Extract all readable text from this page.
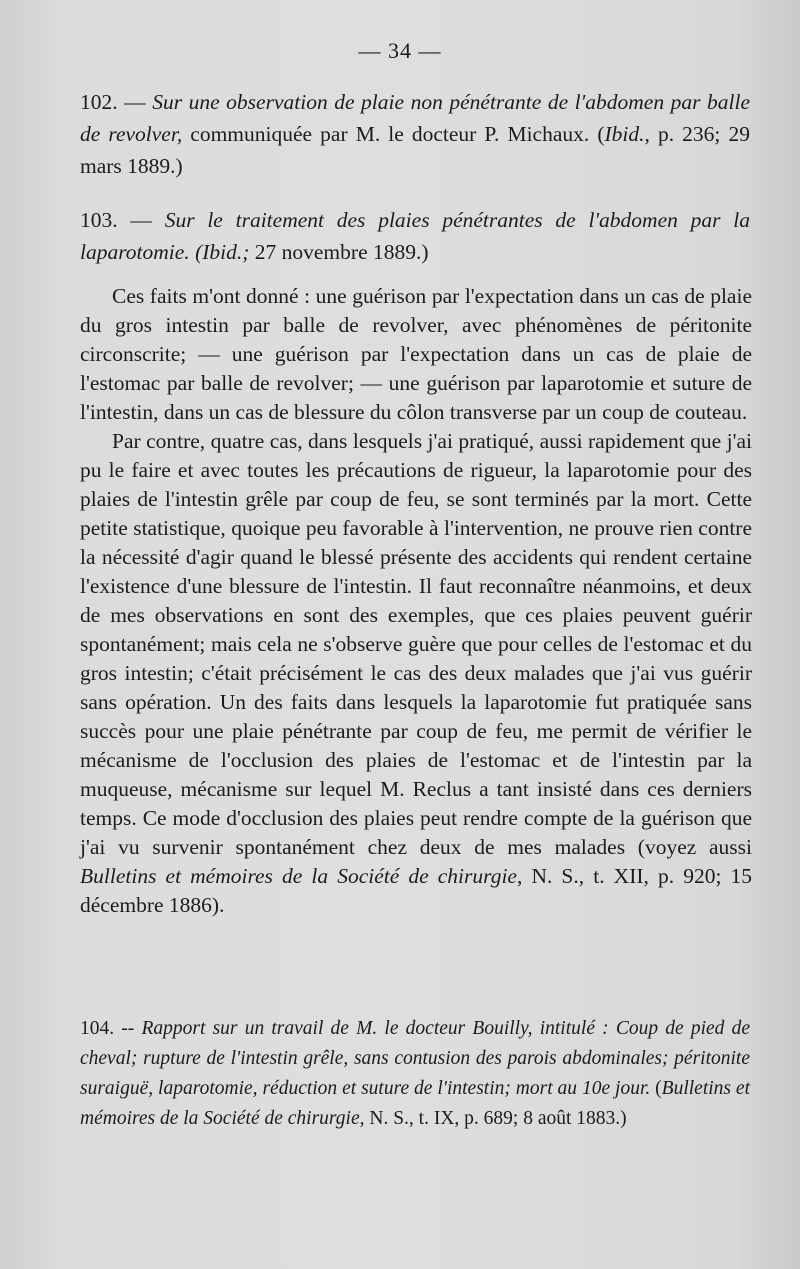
— 34 —
102. — Sur une observation de plaie non pénétrante de l'abdomen par balle de revolver, communiquée par M. le docteur P. Michaux. (Ibid., p. 236; 29 mars 1889.)
103. — Sur le traitement des plaies pénétrantes de l'abdomen par la laparotomie. (Ibid.; 27 novembre 1889.)

Ces faits m'ont donné : une guérison par l'expectation dans un cas de plaie du gros intestin par balle de revolver, avec phénomènes de péritonite circonscrite; — une guérison par l'expectation dans un cas de plaie de l'estomac par balle de revolver; — une guérison par laparotomie et suture de l'intestin, dans un cas de blessure du côlon transverse par un coup de couteau.

Par contre, quatre cas, dans lesquels j'ai pratiqué, aussi rapidement que j'ai pu le faire et avec toutes les précautions de rigueur, la laparotomie pour des plaies de l'intestin grêle par coup de feu, se sont terminés par la mort. Cette petite statistique, quoique peu favorable à l'intervention, ne prouve rien contre la nécessité d'agir quand le blessé présente des accidents qui rendent certaine l'existence d'une blessure de l'intestin. Il faut reconnaître néanmoins, et deux de mes observations en sont des exemples, que ces plaies peuvent guérir spontanément; mais cela ne s'observe guère que pour celles de l'estomac et du gros intestin; c'était précisément le cas des deux malades que j'ai vus guérir sans opération. Un des faits dans lesquels la laparotomie fut pratiquée sans succès pour une plaie pénétrante par coup de feu, me permit de vérifier le mécanisme de l'occlusion des plaies de l'estomac et de l'intestin par la muqueuse, mécanisme sur lequel M. Reclus a tant insisté dans ces derniers temps. Ce mode d'occlusion des plaies peut rendre compte de la guérison que j'ai vu survenir spontanément chez deux de mes malades (voyez aussi Bulletins et mémoires de la Société de chirurgie, N. S., t. XII, p. 920; 15 décembre 1886).

104. -- Rapport sur un travail de M. le docteur Bouilly, intitulé : Coup de pied de cheval; rupture de l'intestin grêle, sans contusion des parois abdominales; péritonite suraiguë, laparotomie, réduction et suture de l'intestin; mort au 10e jour. (Bulletins et mémoires de la Société de chirurgie, N. S., t. IX, p. 689; 8 août 1883.)
